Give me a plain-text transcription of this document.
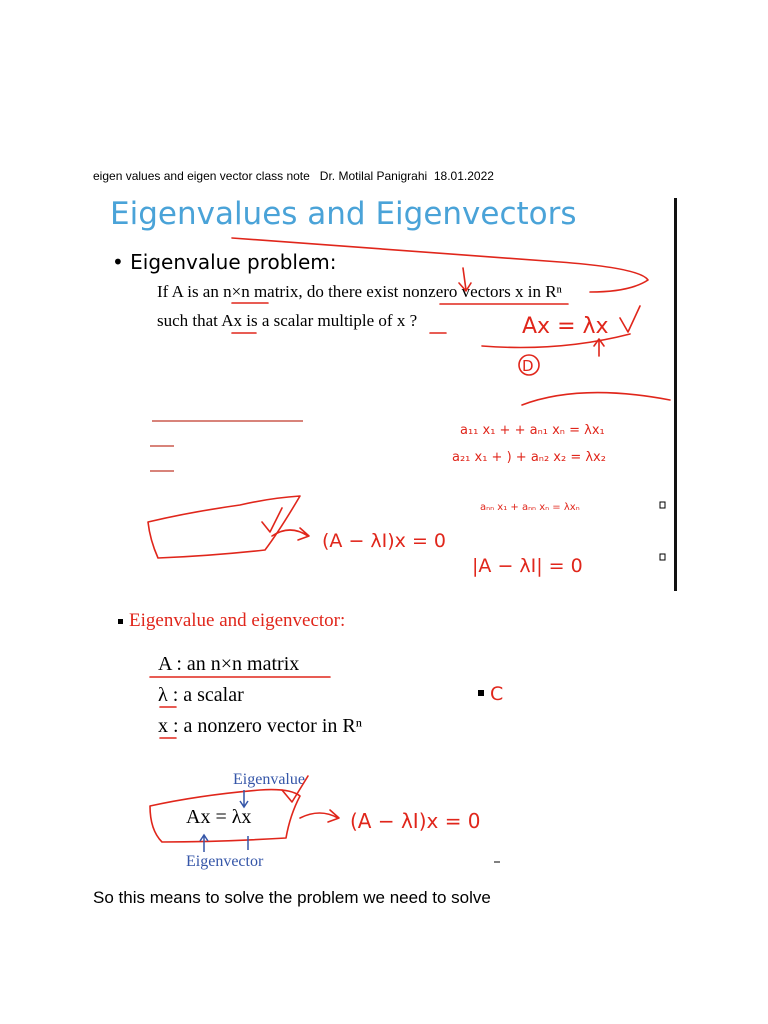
eigen values and eigen vector class note   Dr. Motilal Panigrahi  18.01.2022
Eigenvalues and Eigenvectors
• Eigenvalue problem:
If A is an n×n matrix, do there exist nonzero vectors x in Rⁿ
such that Ax is a scalar multiple of x ?
Eigenvalue and eigenvector:
A : an n×n matrix
λ : a scalar
x : a nonzero vector in Rⁿ
Eigenvalue
Ax = λx
Eigenvector
Ax = λx
D
a₁₁ x₁ + + aₙ₁ xₙ = λx₁
a₂₁ x₁ + ) + aₙ₂ x₂ = λx₂
aₙₙ x₁ + aₙₙ xₙ = λxₙ
(A − λI)x = 0
|A − λI| = 0
C
(A − λI)x = 0
So this means to solve the problem we need to solve
